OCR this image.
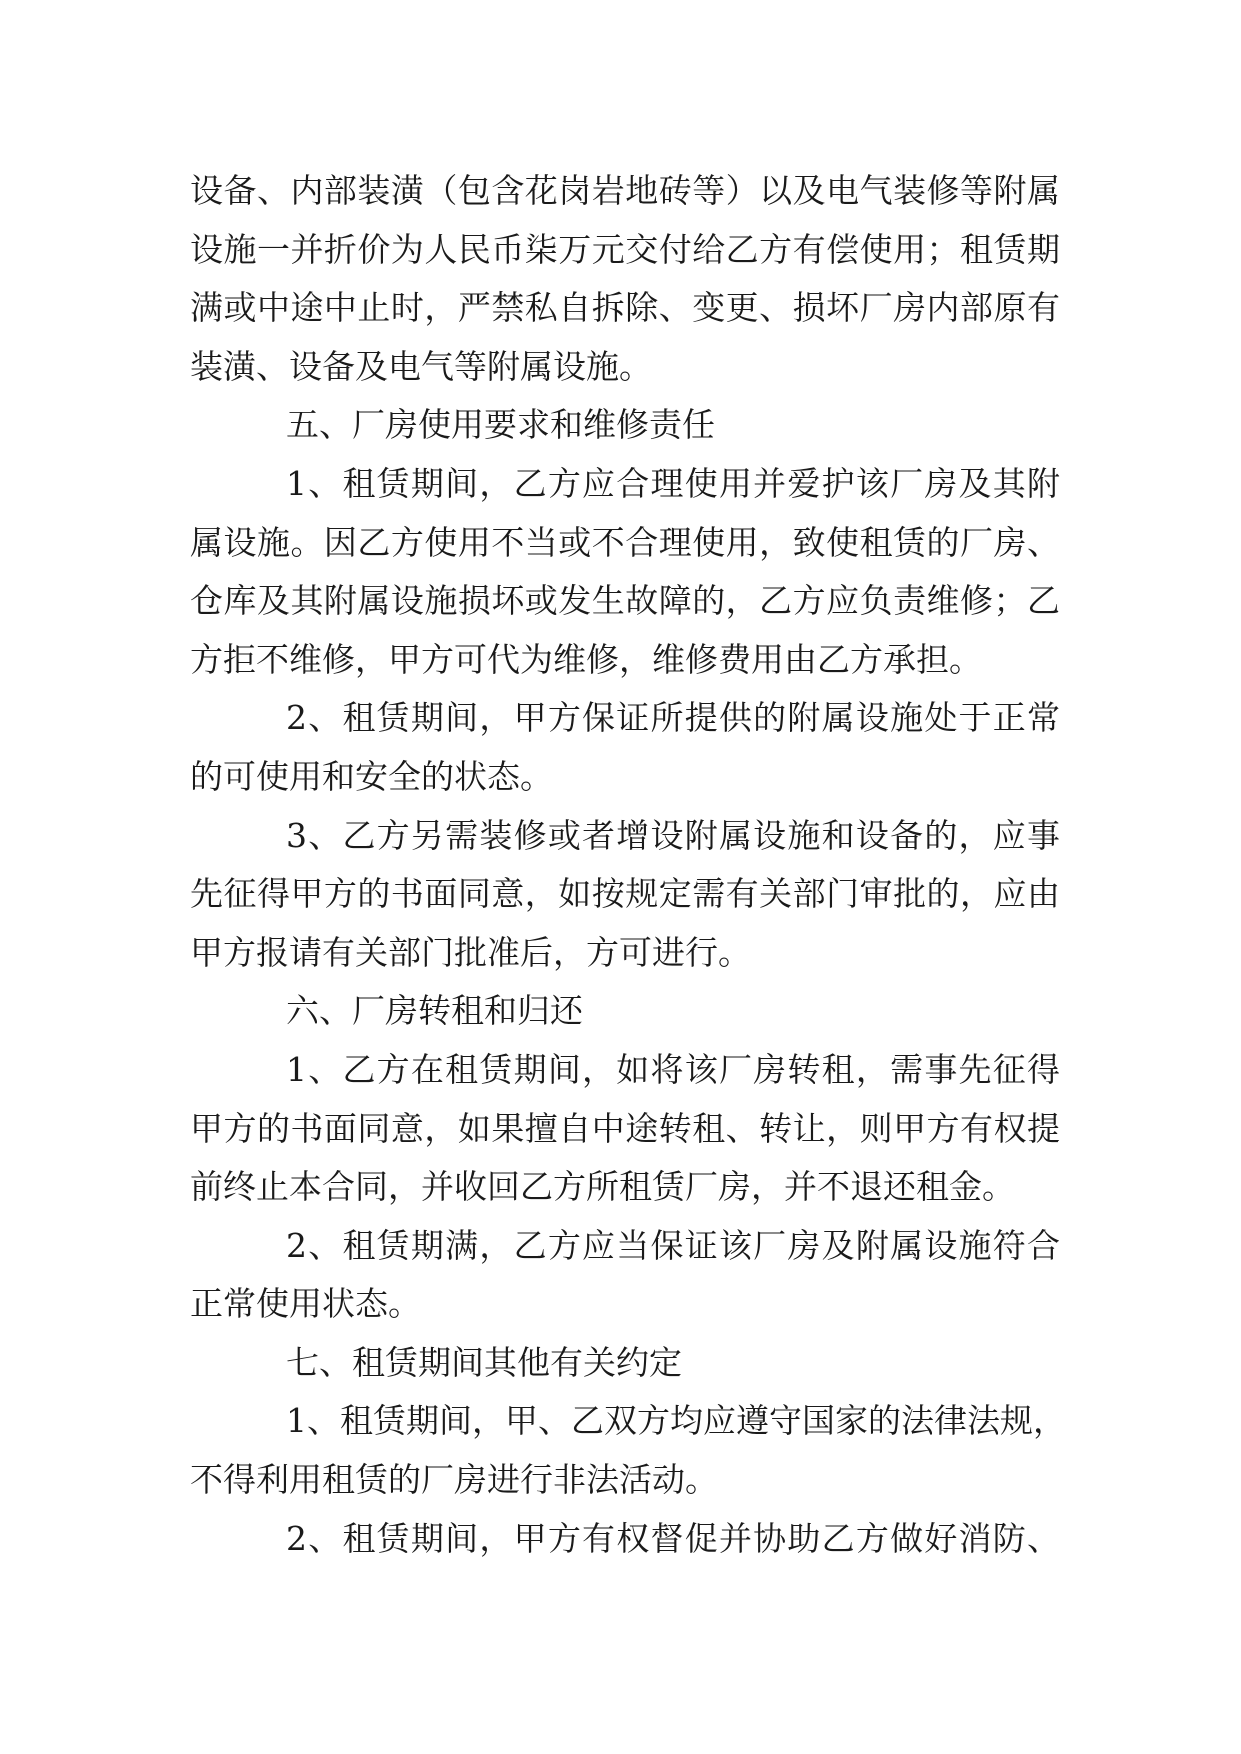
设备、内部装潢（包含花岗岩地砖等）以及电气装修等附属
设施一并折价为人民币柒万元交付给乙方有偿使用；租赁期
满或中途中止时，严禁私自拆除、变更、损坏厂房内部原有
装潢、设备及电气等附属设施。
五、厂房使用要求和维修责任
1、租赁期间，乙方应合理使用并爱护该厂房及其附
属设施。因乙方使用不当或不合理使用，致使租赁的厂房、
仓库及其附属设施损坏或发生故障的，乙方应负责维修；乙
方拒不维修，甲方可代为维修，维修费用由乙方承担。
2、租赁期间，甲方保证所提供的附属设施处于正常
的可使用和安全的状态。
3、乙方另需装修或者增设附属设施和设备的，应事
先征得甲方的书面同意，如按规定需有关部门审批的，应由
甲方报请有关部门批准后，方可进行。
六、厂房转租和归还
1、乙方在租赁期间，如将该厂房转租，需事先征得
甲方的书面同意，如果擅自中途转租、转让，则甲方有权提
前终止本合同，并收回乙方所租赁厂房，并不退还租金。
2、租赁期满，乙方应当保证该厂房及附属设施符合
正常使用状态。
七、租赁期间其他有关约定
1、租赁期间，甲、乙双方均应遵守国家的法律法规，
不得利用租赁的厂房进行非法活动。
2、租赁期间，甲方有权督促并协助乙方做好消防、
